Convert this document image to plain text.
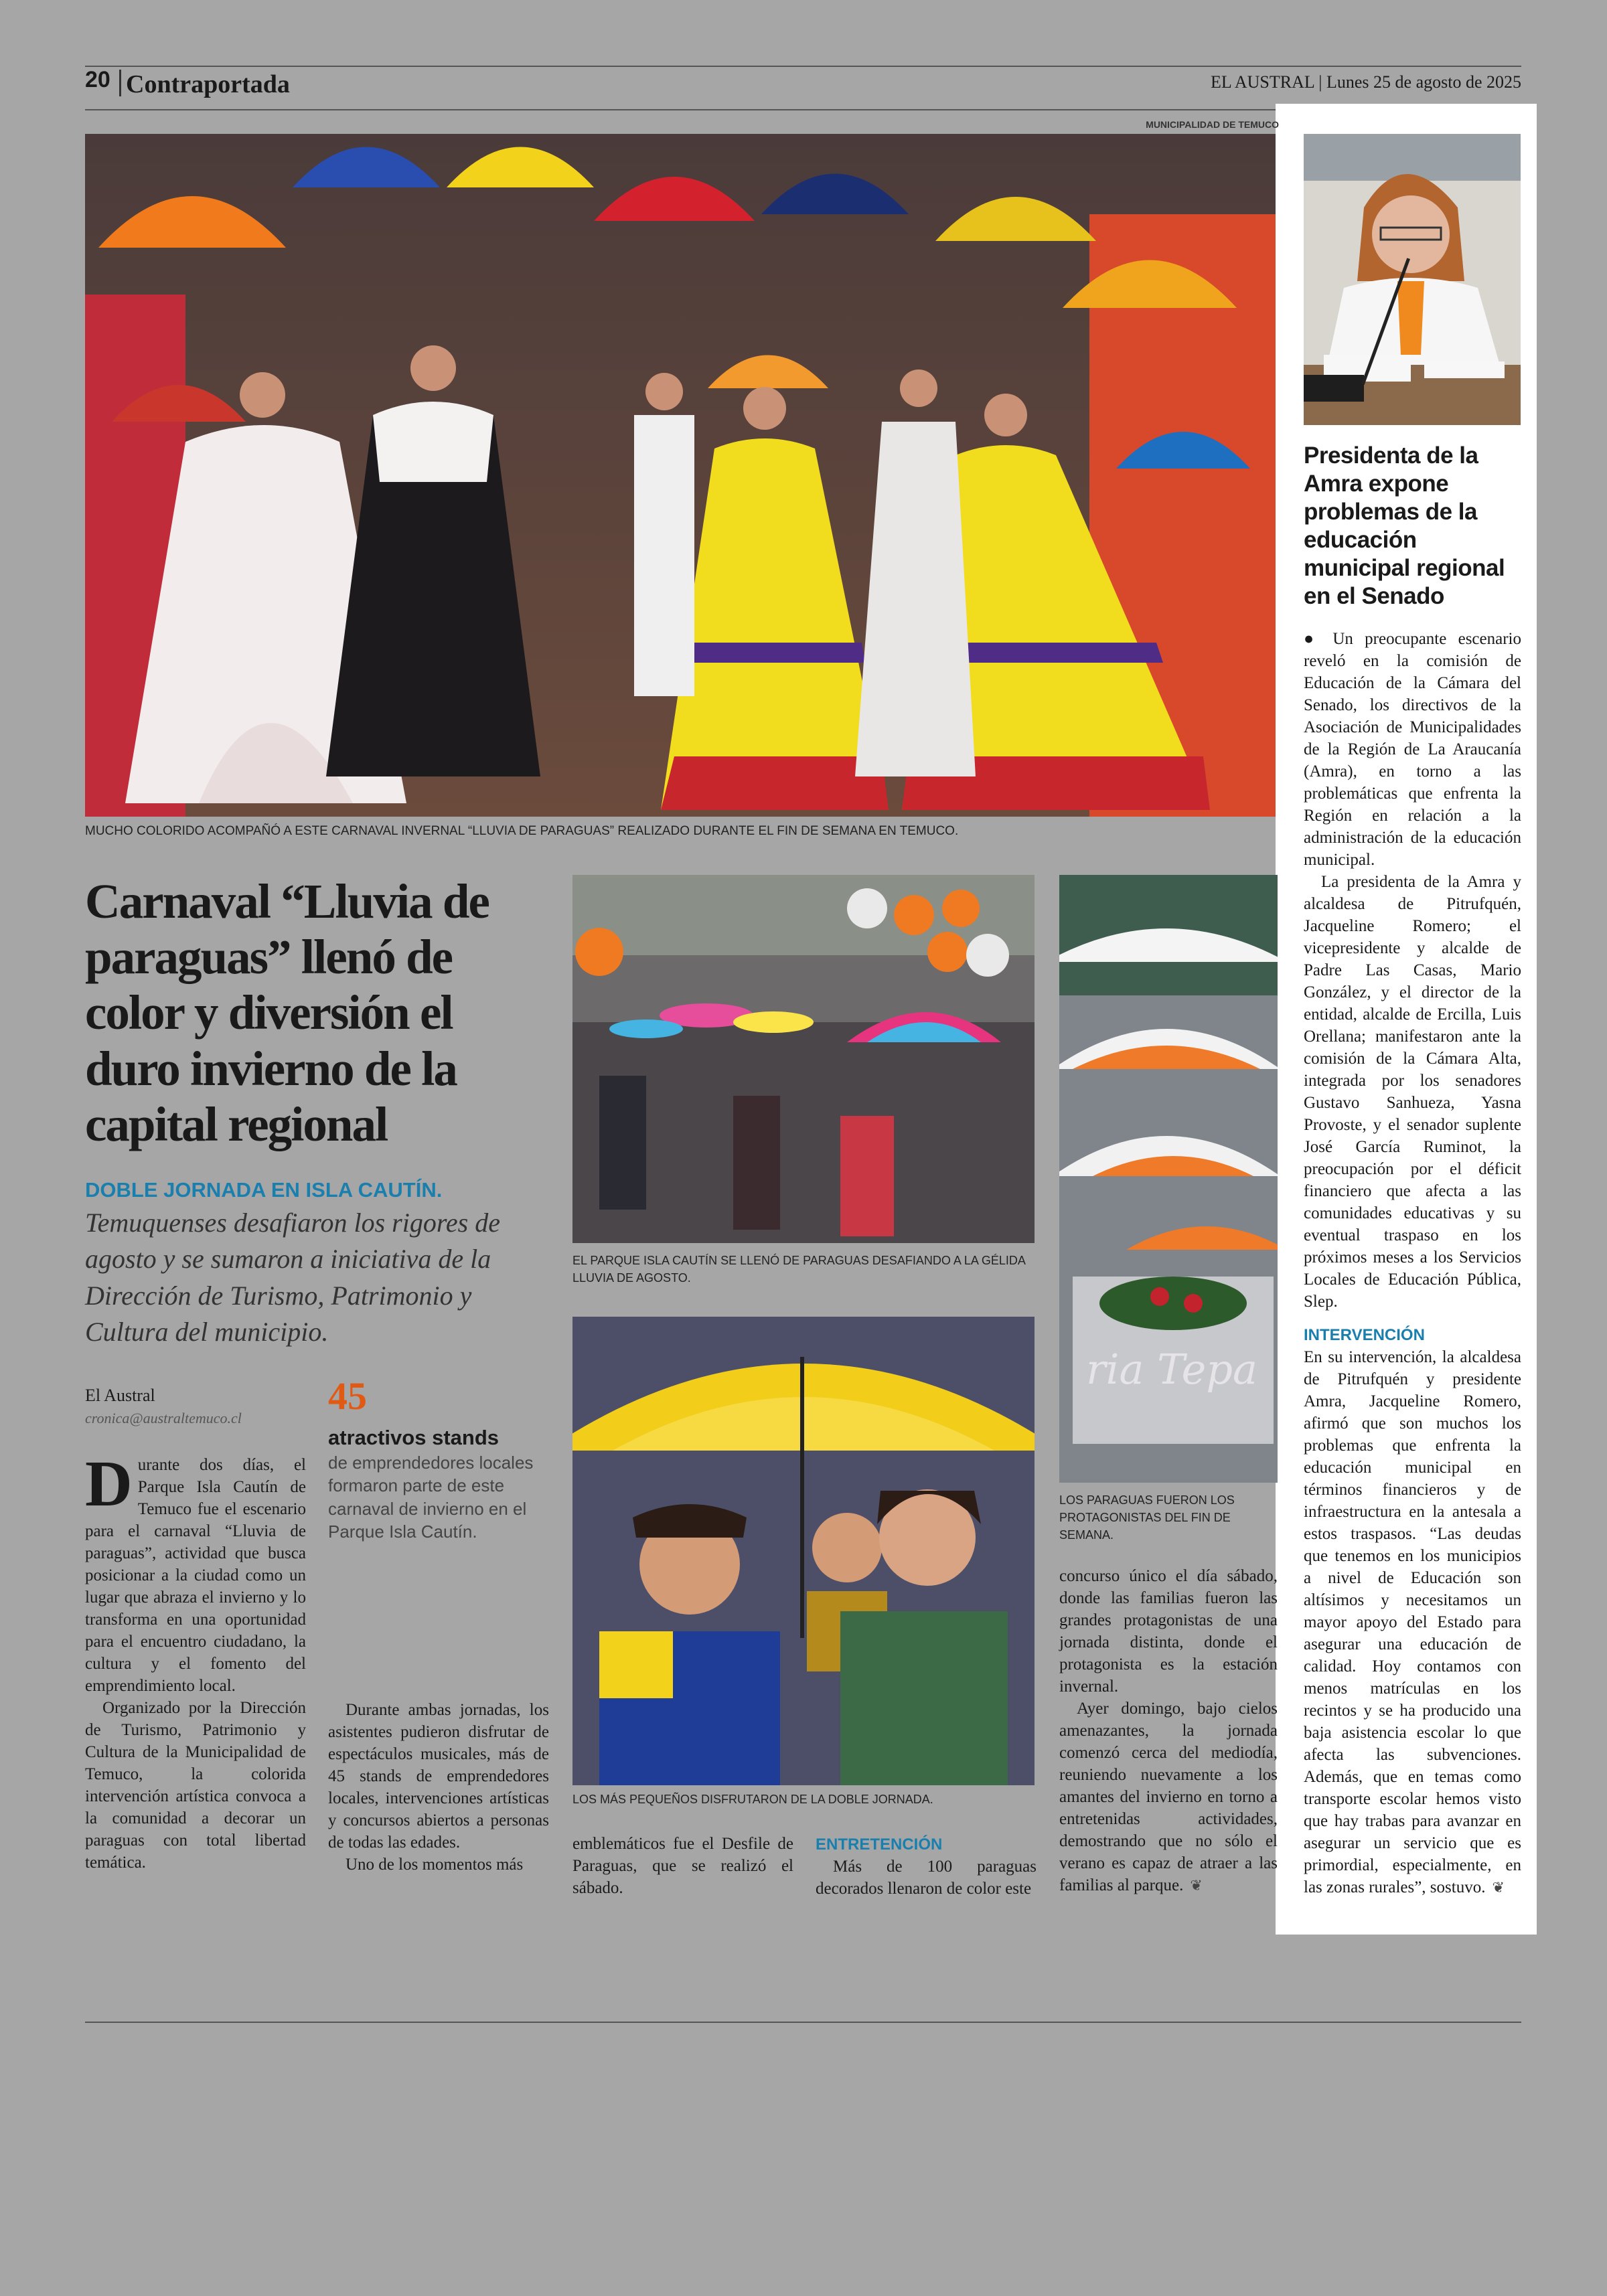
20 Contraportada	EL AUSTRAL | Lunes 25 de agosto de 2025
MUNICIPALIDAD DE TEMUCO
MUCHO COLORIDO ACOMPAÑÓ A ESTE CARNAVAL INVERNAL “LLUVIA DE PARAGUAS” REALIZADO DURANTE EL FIN DE SEMANA EN TEMUCO.
Carnaval “Lluvia de paraguas” llenó de color y diversión el duro invierno de la capital regional
DOBLE JORNADA EN ISLA CAUTÍN.
Temuquenses desafiaron los rigores de agosto y se sumaron a iniciativa de la Dirección de Turismo, Patrimonio y Cultura del municipio.
El Austral
cronica@australtemuco.cl
45
atractivos stands
de emprendedores locales formaron parte de este carnaval de invierno en el Parque Isla Cautín.

Durante dos días, el Parque Isla Cautín de Temuco fue el escenario para el carnaval “Lluvia de paraguas”, actividad que busca posicionar a la ciudad como un lugar que abraza el invierno y lo transforma en una oportunidad para el encuentro ciudadano, la cultura y el fomento del emprendimiento local.

Organizado por la Dirección de Turismo, Patrimonio y Cultura de la Municipalidad de Temuco, la colorida intervención artística convoca a la comunidad a decorar un paraguas con total libertad temática.

Durante ambas jornadas, los asistentes pudieron disfrutar de espectáculos musicales, más de 45 stands de emprendedores locales, intervenciones artísticas y concursos abiertos a personas de todas las edades.

Uno de los momentos más

EL PARQUE ISLA CAUTÍN SE LLENÓ DE PARAGUAS DESAFIANDO A LA GÉLIDA LLUVIA DE AGOSTO.
LOS MÁS PEQUEÑOS DISFRUTARON DE LA DOBLE JORNADA.

emblemáticos fue el Desfile de Paraguas, que se realizó el sábado.

ENTRETENCIÓN

Más de 100 paraguas decorados llenaron de color este

ria Tepa
LOS PARAGUAS FUERON LOS PROTAGONISTAS DEL FIN DE SEMANA.

concurso único el día sábado, donde las familias fueron las grandes protagonistas de una jornada distinta, donde el protagonista es la estación invernal.

Ayer domingo, bajo cielos amenazantes, la jornada comenzó cerca del mediodía, reuniendo nuevamente a los amantes del invierno en torno a entretenidas actividades, demostrando que no sólo el verano es capaz de atraer a las familias al parque. ❦

Presidenta de la Amra expone problemas de la educación municipal regional en el Senado

● Un preocupante escenario reveló en la comisión de Educación de la Cámara del Senado, los directivos de la Asociación de Municipalidades de la Región de La Araucanía (Amra), en torno a las problemáticas que enfrenta la Región en relación a la administración de la educación municipal.

La presidenta de la Amra y alcaldesa de Pitrufquén, Jacqueline Romero; el vicepresidente y alcalde de Padre Las Casas, Mario González, y el director de la entidad, alcalde de Ercilla, Luis Orellana; manifestaron ante la comisión de la Cámara Alta, integrada por los senadores Gustavo Sanhueza, Yasna Provoste, y el senador suplente José García Ruminot, la preocupación por el déficit financiero que afecta a las comunidades educativas y su eventual traspaso en los próximos meses a los Servicios Locales de Educación Pública, Slep.

INTERVENCIÓN

En su intervención, la alcaldesa de Pitrufquén y presidente Amra, Jacqueline Romero, afirmó que son muchos los problemas que enfrenta la educación municipal en términos financieros y de infraestructura en la antesala a estos traspasos. “Las deudas que tenemos en los municipios a nivel de Educación son altísimos y necesitamos un mayor apoyo del Estado para asegurar una educación de calidad. Hoy contamos con menos matrículas en los recintos y se ha producido una baja asistencia escolar lo que afecta las subvenciones. Además, que en temas como transporte escolar hemos visto que hay trabas para avanzar en asegurar un servicio que es primordial, especialmente, en las zonas rurales”, sostuvo. ❦
